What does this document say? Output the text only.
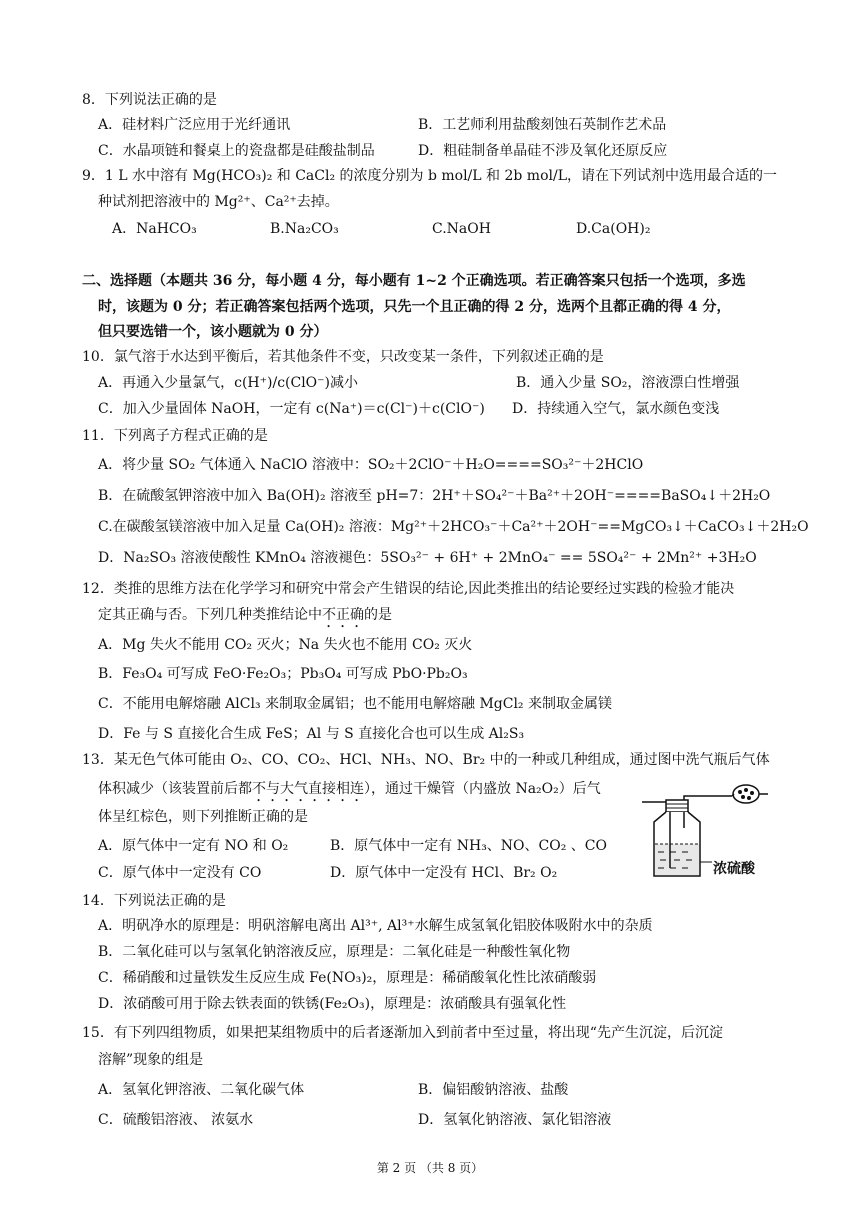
8．下列说法正确的是
A．硅材料广泛应用于光纤通讯	B．工艺师利用盐酸刻蚀石英制作艺术品
C．水晶项链和餐桌上的瓷盘都是硅酸盐制品	D．粗硅制备单晶硅不涉及氧化还原反应
9．1 L 水中溶有 Mg(HCO₃)₂ 和 CaCl₂ 的浓度分别为 b mol/L 和 2b mol/L，请在下列试剂中选用最合适的一
种试剂把溶液中的 Mg²⁺、Ca²⁺去掉。
A．NaHCO₃	B.Na₂CO₃	C.NaOH	D.Ca(OH)₂
二、选择题（本题共 36 分，每小题 4 分，每小题有 1~2 个正确选项。若正确答案只包括一个选项，多选
时，该题为 0 分；若正确答案包括两个选项，只先一个且正确的得 2 分，选两个且都正确的得 4 分，
但只要选错一个，该小题就为 0 分）
10．氯气溶于水达到平衡后，若其他条件不变，只改变某一条件，下列叙述正确的是
A．再通入少量氯气，c(H⁺)/c(ClO⁻)减小	B．通入少量 SO₂，溶液漂白性增强
C．加入少量固体 NaOH，一定有 c(Na⁺)＝c(Cl⁻)＋c(ClO⁻) D．持续通入空气，氯水颜色变浅
11．下列离子方程式正确的是
A．将少量 SO₂ 气体通入 NaClO 溶液中：SO₂＋2ClO⁻＋H₂O====SO₃²⁻＋2HClO
B．在硫酸氢钾溶液中加入 Ba(OH)₂ 溶液至 pH=7：2H⁺＋SO₄²⁻＋Ba²⁺＋2OH⁻====BaSO₄↓＋2H₂O
C.在碳酸氢镁溶液中加入足量 Ca(OH)₂ 溶液：Mg²⁺＋2HCO₃⁻＋Ca²⁺＋2OH⁻==MgCO₃↓＋CaCO₃↓＋2H₂O
D．Na₂SO₃ 溶液使酸性 KMnO₄ 溶液褪色：5SO₃²⁻ + 6H⁺ + 2MnO₄⁻ == 5SO₄²⁻ + 2Mn²⁺ +3H₂O
12．类推的思维方法在化学学习和研究中常会产生错误的结论,因此类推出的结论要经过实践的检验才能决
定其正确与否。下列几种类推结论中不正确的是
A．Mg 失火不能用 CO₂ 灭火；Na 失火也不能用 CO₂ 灭火
B．Fe₃O₄ 可写成 FeO·Fe₂O₃；Pb₃O₄ 可写成 PbO·Pb₂O₃
C．不能用电解熔融 AlCl₃ 来制取金属铝；也不能用电解熔融 MgCl₂ 来制取金属镁
D．Fe 与 S 直接化合生成 FeS；Al 与 S 直接化合也可以生成 Al₂S₃
13．某无色气体可能由 O₂、CO、CO₂、HCl、NH₃、NO、Br₂ 中的一种或几种组成，通过图中洗气瓶后气体
体积减少（该装置前后都不与大气直接相连），通过干燥管（内盛放 Na₂O₂）后气
体呈红棕色，则下列推断正确的是
A．原气体中一定有 NO 和 O₂	B．原气体中一定有 NH₃、NO、CO₂ 、CO
C．原气体中一定没有 CO	D．原气体中一定没有 HCl、Br₂ O₂	浓硫酸
14．下列说法正确的是
A．明矾净水的原理是：明矾溶解电离出 Al³⁺, Al³⁺水解生成氢氧化铝胶体吸附水中的杂质
B．二氧化硅可以与氢氧化钠溶液反应，原理是：二氧化硅是一种酸性氧化物
C．稀硝酸和过量铁发生反应生成 Fe(NO₃)₂，原理是：稀硝酸氧化性比浓硝酸弱
D．浓硝酸可用于除去铁表面的铁锈(Fe₂O₃)，原理是：浓硝酸具有强氧化性
15．有下列四组物质，如果把某组物质中的后者逐渐加入到前者中至过量，将出现“先产生沉淀，后沉淀
溶解”现象的组是
A．氢氧化钾溶液、二氧化碳气体	B．偏铝酸钠溶液、盐酸
C．硫酸铝溶液、 浓氨水	D．氢氧化钠溶液、氯化铝溶液
第 2 页 （共 8 页）
